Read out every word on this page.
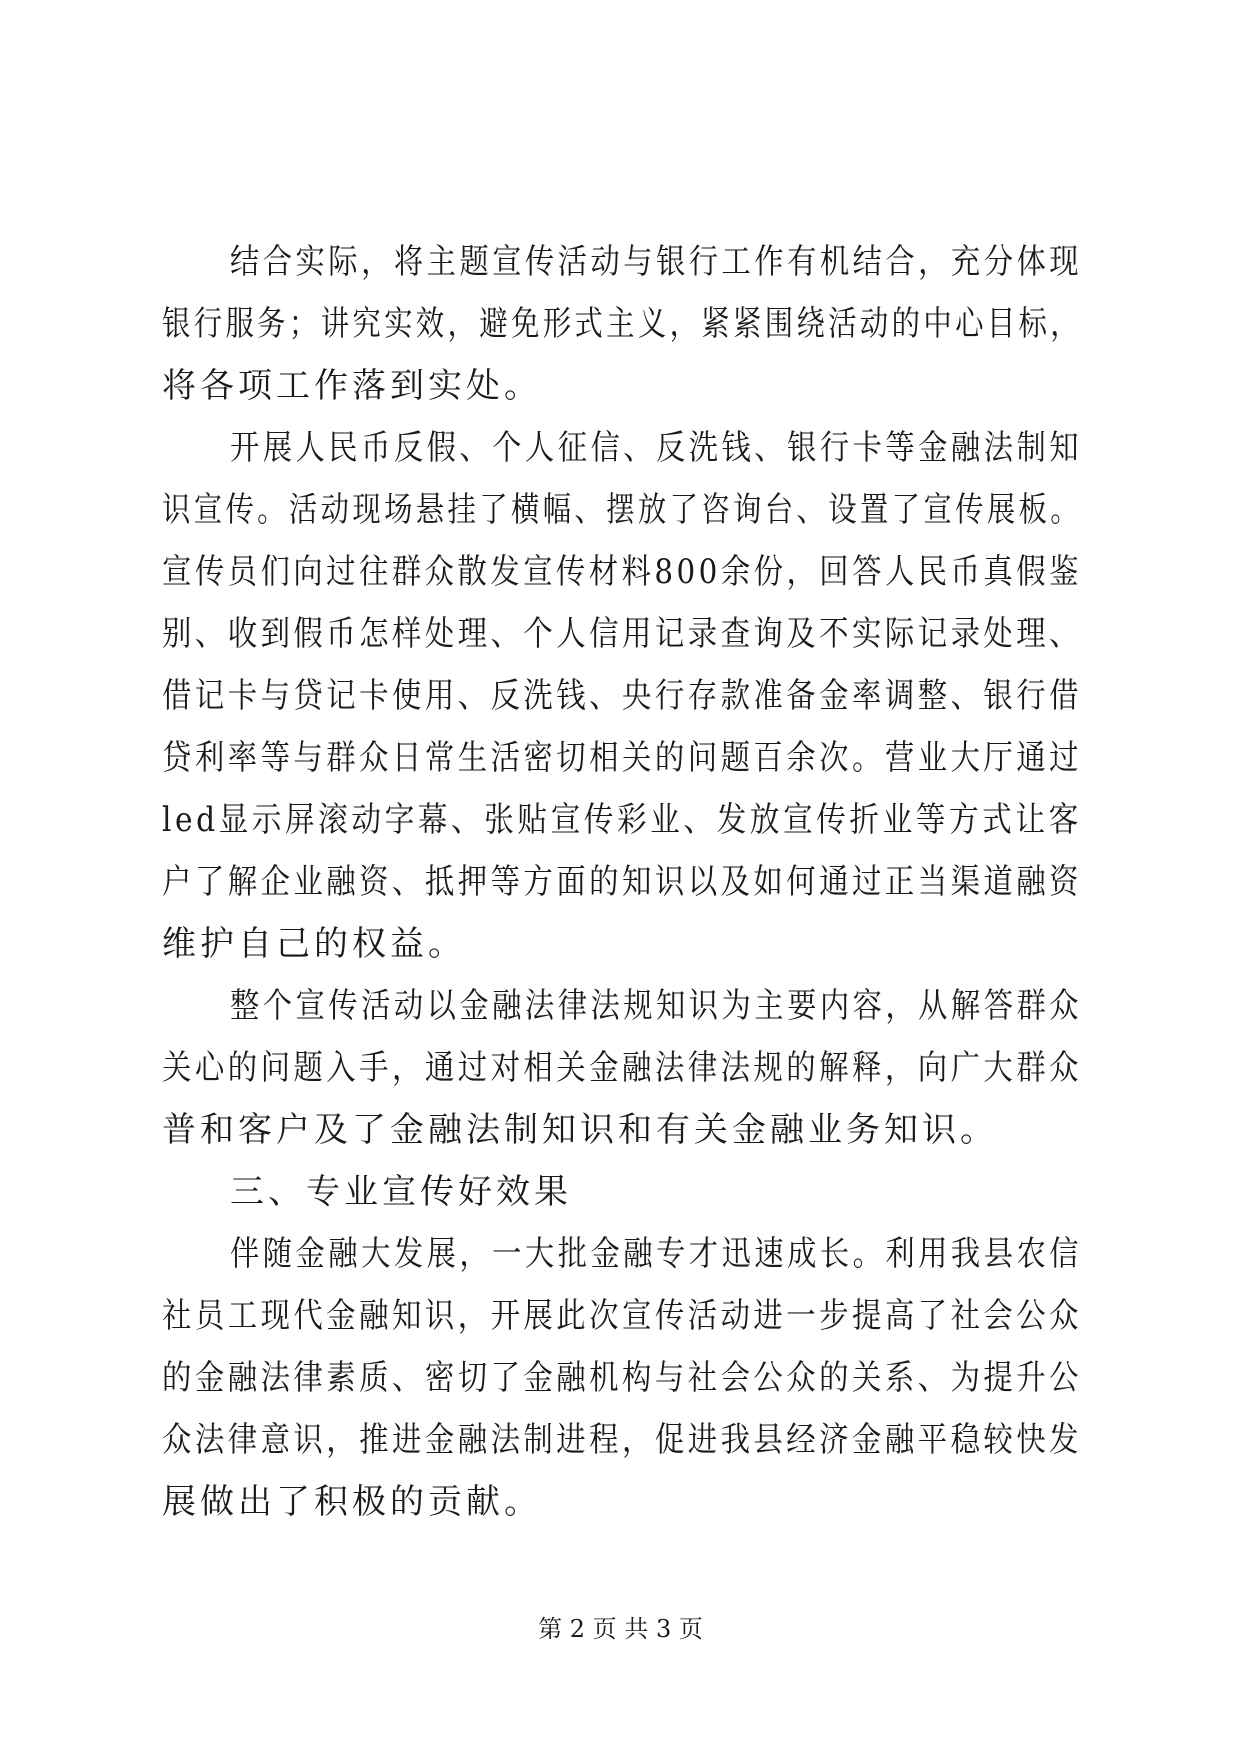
结合实际，将主题宣传活动与银行工作有机结合，充分体现
银行服务；讲究实效，避免形式主义，紧紧围绕活动的中心目标，
将各项工作落到实处。
开展人民币反假、个人征信、反洗钱、银行卡等金融法制知
识宣传。活动现场悬挂了横幅、摆放了咨询台、设置了宣传展板。
宣传员们向过往群众散发宣传材料800余份，回答人民币真假鉴
别、收到假币怎样处理、个人信用记录查询及不实际记录处理、
借记卡与贷记卡使用、反洗钱、央行存款准备金率调整、银行借
贷利率等与群众日常生活密切相关的问题百余次。营业大厅通过
led显示屏滚动字幕、张贴宣传彩业、发放宣传折业等方式让客
户了解企业融资、抵押等方面的知识以及如何通过正当渠道融资
维护自己的权益。
整个宣传活动以金融法律法规知识为主要内容，从解答群众
关心的问题入手，通过对相关金融法律法规的解释，向广大群众
普和客户及了金融法制知识和有关金融业务知识。
三、专业宣传好效果
伴随金融大发展，一大批金融专才迅速成长。利用我县农信
社员工现代金融知识，开展此次宣传活动进一步提高了社会公众
的金融法律素质、密切了金融机构与社会公众的关系、为提升公
众法律意识，推进金融法制进程，促进我县经济金融平稳较快发
展做出了积极的贡献。
第 2 页 共 3 页
